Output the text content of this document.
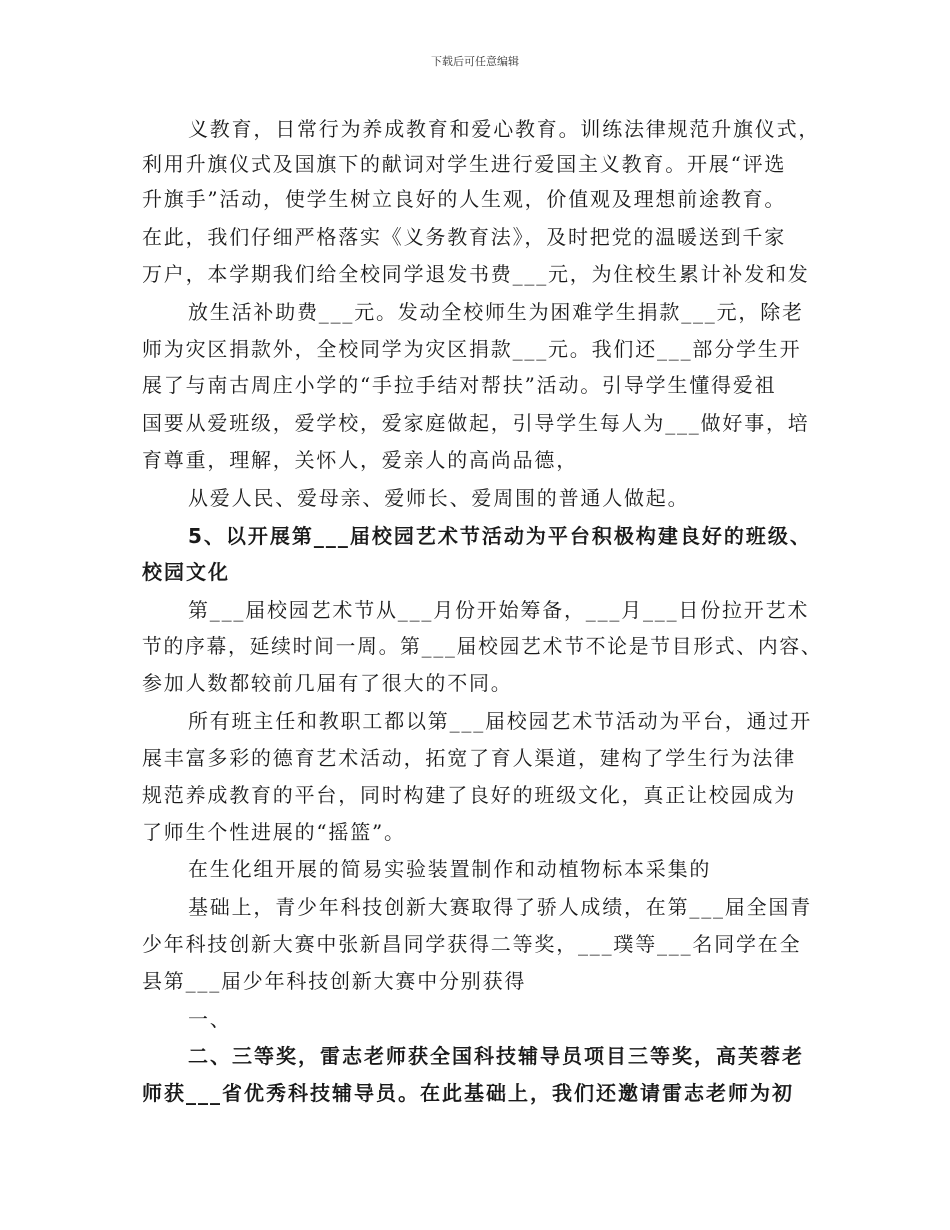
下载后可任意编辑
义教育，日常行为养成教育和爱心教育。训练法律规范升旗仪式，
利用升旗仪式及国旗下的献词对学生进行爱国主义教育。开展“评选
升旗手”活动，使学生树立良好的人生观，价值观及理想前途教育。
在此，我们仔细严格落实《义务教育法》，及时把党的温暖送到千家
万户，本学期我们给全校同学退发书费___元，为住校生累计补发和发
放生活补助费___元。发动全校师生为困难学生捐款___元，除老
师为灾区捐款外，全校同学为灾区捐款___元。我们还___部分学生开
展了与南古周庄小学的“手拉手结对帮扶”活动。引导学生懂得爱祖
国要从爱班级，爱学校，爱家庭做起，引导学生每人为___做好事，培
育尊重，理解，关怀人，爱亲人的高尚品德，
从爱人民、爱母亲、爱师长、爱周围的普通人做起。
5、以开展第___届校园艺术节活动为平台积极构建良好的班级、
校园文化
第___届校园艺术节从___月份开始筹备，___月___日份拉开艺术
节的序幕，延续时间一周。第___届校园艺术节不论是节目形式、内容、
参加人数都较前几届有了很大的不同。
所有班主任和教职工都以第___届校园艺术节活动为平台，通过开
展丰富多彩的德育艺术活动，拓宽了育人渠道，建构了学生行为法律
规范养成教育的平台，同时构建了良好的班级文化，真正让校园成为
了师生个性进展的“摇篮”。
在生化组开展的简易实验装置制作和动植物标本采集的
基础上，青少年科技创新大赛取得了骄人成绩，在第___届全国青
少年科技创新大赛中张新昌同学获得二等奖，___璞等___名同学在全
县第___届少年科技创新大赛中分别获得
一、
二、三等奖，雷志老师获全国科技辅导员项目三等奖，高芙蓉老
师获___省优秀科技辅导员。在此基础上，我们还邀请雷志老师为初
